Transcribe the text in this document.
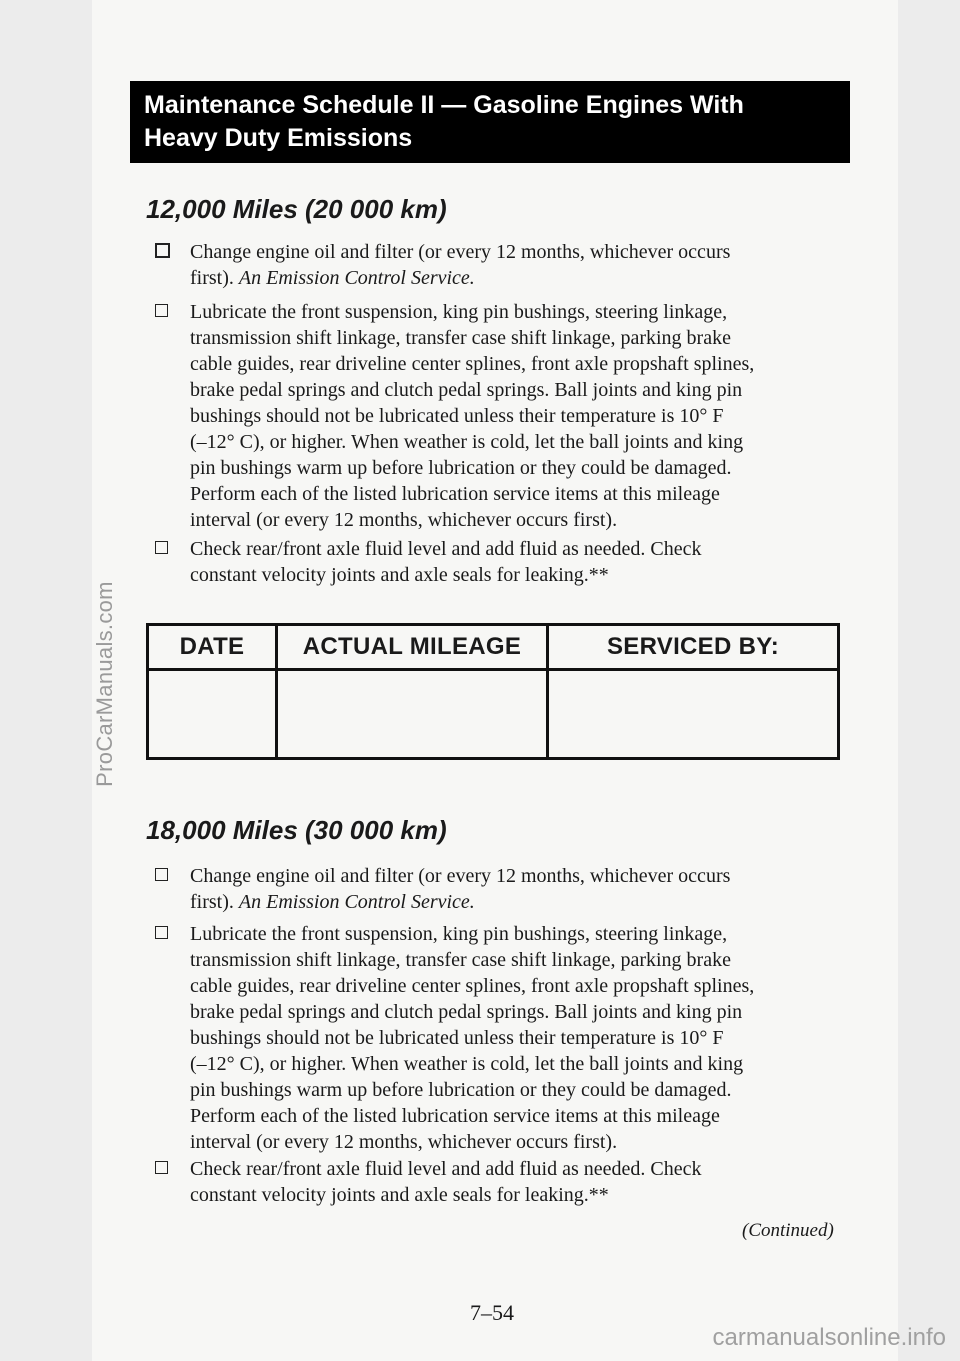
ProCarManuals.com
Maintenance Schedule II — Gasoline Engines With
Heavy Duty Emissions
12,000 Miles (20 000 km)

Change engine oil and filter (or every 12 months, whichever occurs

first). An Emission Control Service.

Lubricate the front suspension, king pin bushings, steering linkage,

transmission shift linkage, transfer case shift linkage, parking brake

cable guides, rear driveline center splines, front axle propshaft splines,

brake pedal springs and clutch pedal springs. Ball joints and king pin

bushings should not be lubricated unless their temperature is 10° F

(–12° C), or higher. When weather is cold, let the ball joints and king

pin bushings warm up before lubrication or they could be damaged.

Perform each of the listed lubrication service items at this mileage

interval (or every 12 months, whichever occurs first).

Check rear/front axle fluid level and add fluid as needed. Check

constant velocity joints and axle seals for leaking.**

DATE	ACTUAL MILEAGE	SERVICED BY:

18,000 Miles (30 000 km)

Change engine oil and filter (or every 12 months, whichever occurs

first). An Emission Control Service.

Lubricate the front suspension, king pin bushings, steering linkage,

transmission shift linkage, transfer case shift linkage, parking brake

cable guides, rear driveline center splines, front axle propshaft splines,

brake pedal springs and clutch pedal springs. Ball joints and king pin

bushings should not be lubricated unless their temperature is 10° F

(–12° C), or higher. When weather is cold, let the ball joints and king

pin bushings warm up before lubrication or they could be damaged.

Perform each of the listed lubrication service items at this mileage

interval (or every 12 months, whichever occurs first).

Check rear/front axle fluid level and add fluid as needed. Check

constant velocity joints and axle seals for leaking.**

(Continued)
7–54
carmanualsonline.info
